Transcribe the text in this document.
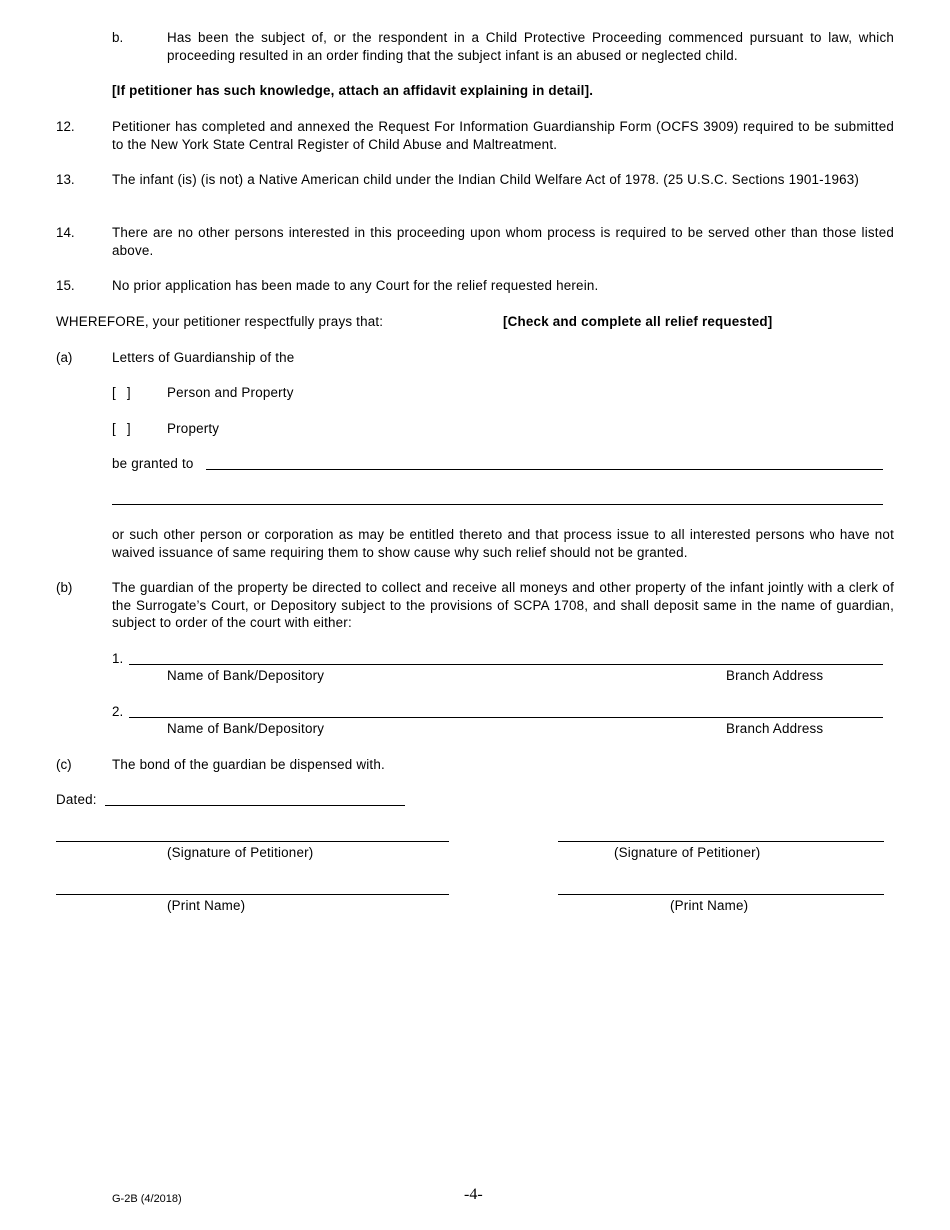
b.	Has been the subject of, or the respondent in a Child Protective Proceeding commenced pursuant to law, which proceeding resulted in an order finding that the subject infant is an abused or neglected child.
[If petitioner has such knowledge, attach an affidavit explaining in detail].
12.	Petitioner has completed and annexed the Request For Information Guardianship Form (OCFS 3909) required to be submitted to the New York State Central Register of Child Abuse and Maltreatment.
13.	The infant (is) (is not) a Native American child under the Indian Child Welfare Act of 1978. (25 U.S.C. Sections 1901-1963)
14.	There are no other persons interested in this proceeding upon whom process is required to be served other than those listed above.
15.	No prior application has been made to any Court for the relief requested herein.
WHEREFORE, your petitioner respectfully prays that:	[Check and complete all relief requested]
(a)	Letters of Guardianship of the
[   ]	Person and Property
[   ]	Property
be granted to
or such other person or corporation as may be entitled thereto and that process issue to all interested persons who have not waived issuance of same requiring them to show cause why such relief should not be granted.
(b)	The guardian of the property be directed to collect and receive all moneys and other property of the infant jointly with a clerk of the Surrogate’s Court, or Depository subject to the provisions of SCPA 1708, and shall deposit same in the name of guardian, subject to order of the court with either:
1.
Name of Bank/Depository	Branch Address
2.
Name of Bank/Depository	Branch Address
(c)	The bond of the guardian be dispensed with.
Dated:
(Signature of Petitioner)	(Signature of Petitioner)
(Print Name)	(Print Name)
G-2B (4/2018)	-4-
